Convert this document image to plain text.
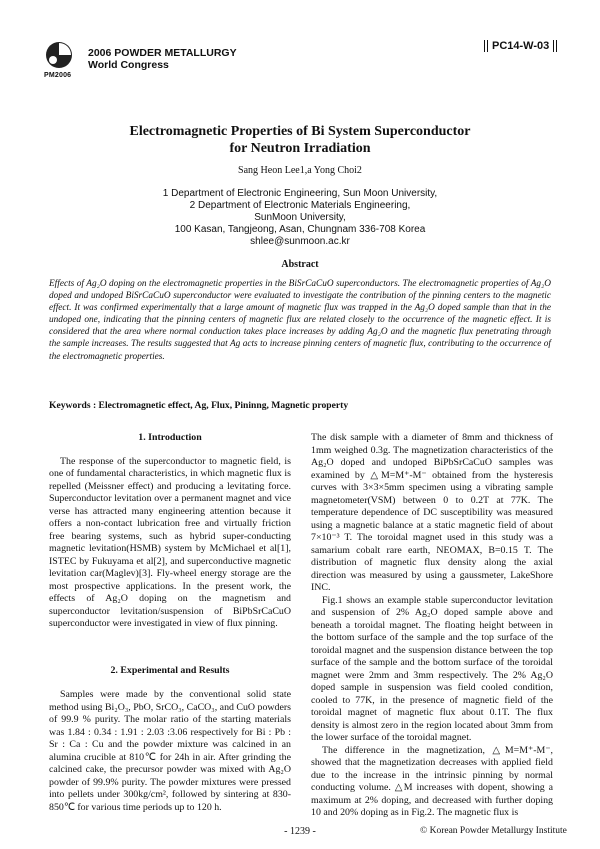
2006 POWDER METALLURGY
World Congress
PM2006
PC14-W-03
Electromagnetic Properties of Bi System Superconductor
for Neutron Irradiation
Sang Heon Lee1,a Yong Choi2
1 Department of Electronic Engineering, Sun Moon University,
2 Department of Electronic Materials Engineering,
SunMoon University,
100 Kasan, Tangjeong, Asan, Chungnam 336-708 Korea
shlee@sunmoon.ac.kr
Abstract
Effects of Ag₂O doping on the electromagnetic properties in the BiSrCaCuO superconductors. The electromagnetic properties of Ag₂O doped and undoped BiSrCaCuO superconductor were evaluated to investigate the contribution of the pinning centers to the magnetic effect. It was confirmed experimentally that a large amount of magnetic flux was trapped in the Ag₂O doped sample than that in the undoped one, indicating that the pinning centers of magnetic flux are related closely to the occurrence of the magnetic effect. It is considered that the area where normal conduction takes place increases by adding Ag₂O and the magnetic flux penetrating through the sample increases. The results suggested that Ag acts to increase pinning centers of magnetic flux, contributing to the occurrence of the electromagnetic properties.
Keywords : Electromagnetic effect, Ag, Flux, Pininng, Magnetic property

1. Introduction

The response of the superconductor to magnetic field, is one of fundamental characteristics, in which magnetic flux is repelled (Meissner effect) and producing a levitating force. Superconductor levitation over a permanent magnet and vice verse has attracted many engineering attention because it offers a non-contact lubrication free and virtually friction free bearing systems, such as hybrid super-conducting magnetic levitation(HSMB) system by McMichael et al[1], ISTEC by Fukuyama et al[2], and superconductive magnetic levitation car(Maglev)[3]. Fly-wheel energy storage are the most prospective applications. In the present work, the effects of Ag₂O doping on the magnetism and superconductor levitation/suspension of BiPbSrCaCuO superconductor were investigated in view of flux pinning.

2. Experimental and Results

Samples were made by the conventional solid state method using Bi₂O₃, PbO, SrCO₃, CaCO₃, and CuO powders of 99.9 % purity. The molar ratio of the starting materials was 1.84 : 0.34 : 1.91 : 2.03 :3.06 respectively for Bi : Pb : Sr : Ca : Cu and the powder mixture was calcined in an alumina crucible at 810℃ for 24h in air. After grinding the calcined cake, the precursor powder was mixed with Ag₂O powder of 99.9% purity. The powder mixtures were pressed into pellets under 300kg/cm², followed by sintering at 830-850℃ for various time periods up to 120 h.

The disk sample with a diameter of 8mm and thickness of 1mm weighed 0.3g. The magnetization characteristics of the Ag₂O doped and undoped BiPbSrCaCuO samples was examined by △M=M⁺-M⁻ obtained from the hysteresis curves with 3×3×5mm specimen using a vibrating sample magnetometer(VSM) between 0 to 0.2T at 77K. The temperature dependence of DC susceptibility was measured using a magnetic balance at a static magnetic field of about 7×10⁻³ T. The toroidal magnet used in this study was a samarium cobalt rare earth, NEOMAX, B=0.15 T. The distribution of magnetic flux density along the axial direction was measured by using a gaussmeter, LakeShore INC.

Fig.1 shows an example stable superconductor levitation and suspension of 2% Ag₂O doped sample above and beneath a toroidal magnet. The floating height between in the bottom surface of the sample and the top surface of the toroidal magnet and the suspension distance between the top surface of the sample and the bottom surface of the toroidal magnet were 2mm and 3mm respectively. The 2% Ag₂O doped sample in suspension was field cooled condition, cooled to 77K, in the presence of magnetic field of the toroidal magnet of magnetic flux about 0.1T. The flux density is almost zero in the region located about 3mm from the lower surface of the toroidal magnet.

The difference in the magnetization, △M=M⁺-M⁻, showed that the magnetization decreases with applied field due to the increase in the intrinsic pinning by normal conducting volume. △M increases with dopent, showing a maximum at 2% doping, and decreased with further doping 10 and 20% doping as in Fig.2. The magnetic flux is

- 1239 -	© Korean Powder Metallurgy Institute
